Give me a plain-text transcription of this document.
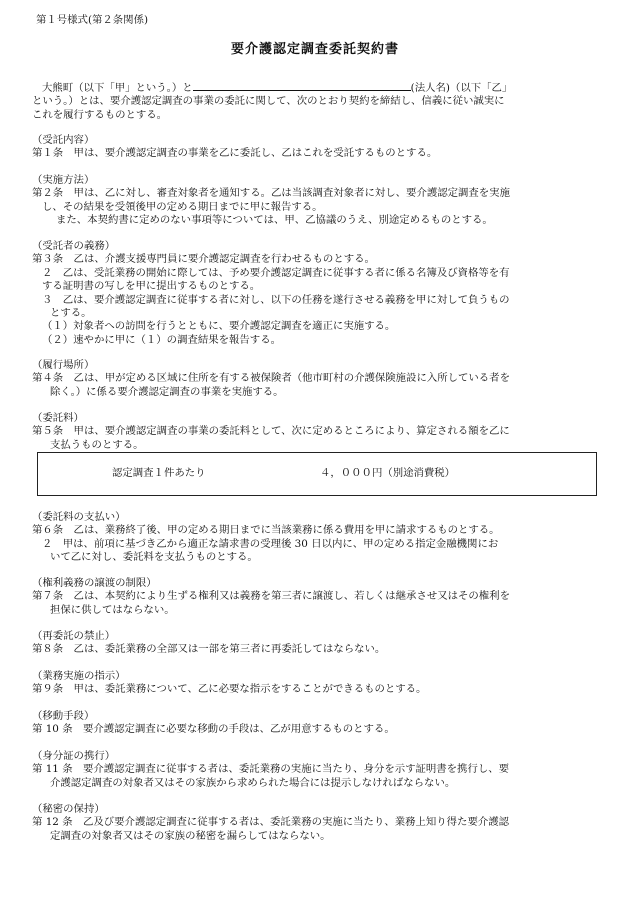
第１号様式(第２条関係)
要介護認定調査委託契約書
大熊町（以下「甲」という。）と	(法人名)（以下「乙」
という。）とは、要介護認定調査の事業の委託に関して、次のとおり契約を締結し、信義に従い誠実に
これを履行するものとする。
（受託内容）
第１条　甲は、要介護認定調査の事業を乙に委託し、乙はこれを受託するものとする。
（実施方法）
第２条　甲は、乙に対し、審査対象者を通知する。乙は当該調査対象者に対し、要介護認定調査を実施
し、その結果を受領後甲の定める期日までに甲に報告する。
また、本契約書に定めのない事項等については、甲、乙協議のうえ、別途定めるものとする。
（受託者の義務）
第３条　乙は、介護支援専門員に要介護認定調査を行わせるものとする。
２　乙は、受託業務の開始に際しては、予め要介護認定調査に従事する者に係る名簿及び資格等を有
する証明書の写しを甲に提出するものとする。
３　乙は、要介護認定調査に従事する者に対し、以下の任務を遂行させる義務を甲に対して負うもの
とする。
（１）対象者への訪問を行うとともに、要介護認定調査を適正に実施する。
（２）速やかに甲に（１）の調査結果を報告する。
（履行場所）
第４条　乙は、甲が定める区域に住所を有する被保険者（他市町村の介護保険施設に入所している者を
除く。）に係る要介護認定調査の事業を実施する。
（委託料）
第５条　甲は、要介護認定調査の事業の委託料として、次に定めるところにより、算定される額を乙に
支払うものとする。
認定調査１件あたり	４，０００円（別途消費税）
（委託料の支払い）
第６条　乙は、業務終了後、甲の定める期日までに当該業務に係る費用を甲に請求するものとする。
２　甲は、前項に基づき乙から適正な請求書の受理後 30 日以内に、甲の定める指定金融機関にお
いて乙に対し、委託料を支払うものとする。
（権利義務の譲渡の制限）
第７条　乙は、本契約により生ずる権利又は義務を第三者に譲渡し、若しくは継承させ又はその権利を
担保に供してはならない。
（再委託の禁止）
第８条　乙は、委託業務の全部又は一部を第三者に再委託してはならない。
（業務実施の指示）
第９条　甲は、委託業務について、乙に必要な指示をすることができるものとする。
（移動手段）
第 10 条　要介護認定調査に必要な移動の手段は、乙が用意するものとする。
（身分証の携行）
第 11 条　要介護認定調査に従事する者は、委託業務の実施に当たり、身分を示す証明書を携行し、要
介護認定調査の対象者又はその家族から求められた場合には提示しなければならない。
（秘密の保持）
第 12 条　乙及び要介護認定調査に従事する者は、委託業務の実施に当たり、業務上知り得た要介護認
定調査の対象者又はその家族の秘密を漏らしてはならない。
